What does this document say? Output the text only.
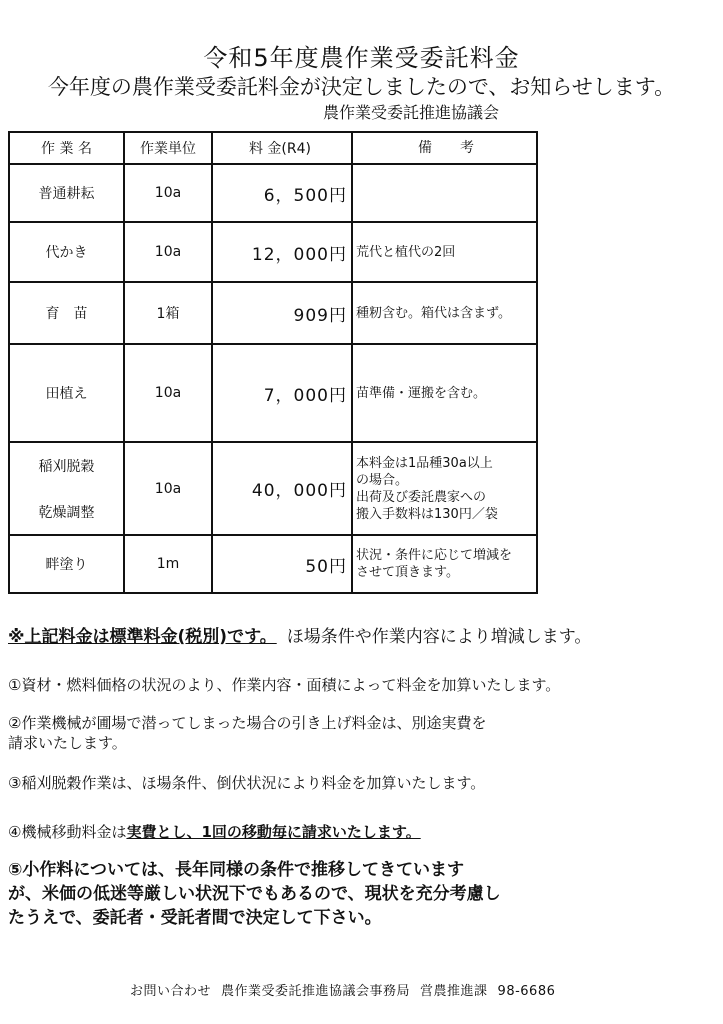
令和5年度農作業受委託料金
今年度の農作業受委託料金が決定しましたので、お知らせします。
農作業受委託推進協議会
作 業 名	作業単位	料 金(R4)	備　　考
普通耕耘	10a	6，500円	
代かき	10a	12，000円	荒代と植代の2回
育　苗	1箱	909円	種籾含む。箱代は含まず。
田植え	10a	7，000円	苗準備・運搬を含む。

稲刈脱穀
乾燥調整	10a	40，000円	本料金は1品種30a以上
の場合。
出荷及び委託農家への
搬入手数料は130円／袋
畔塗り	1m	50円	状況・条件に応じて増減を
させて頂きます。
※上記料金は標準料金(税別)です。 ほ場条件や作業内容により増減します。
①資材・燃料価格の状況のより、作業内容・面積によって料金を加算いたします。
②作業機械が圃場で潜ってしまった場合の引き上げ料金は、別途実費を
請求いたします。
③稲刈脱穀作業は、ほ場条件、倒伏状況により料金を加算いたします。
④機械移動料金は実費とし、1回の移動毎に請求いたします。
⑤小作料については、長年同様の条件で推移してきています
が、米価の低迷等厳しい状況下でもあるので、現状を充分考慮し
たうえで、委託者・受託者間で決定して下さい。
お問い合わせ 農作業受委託推進協議会事務局 営農推進課 98-6686
